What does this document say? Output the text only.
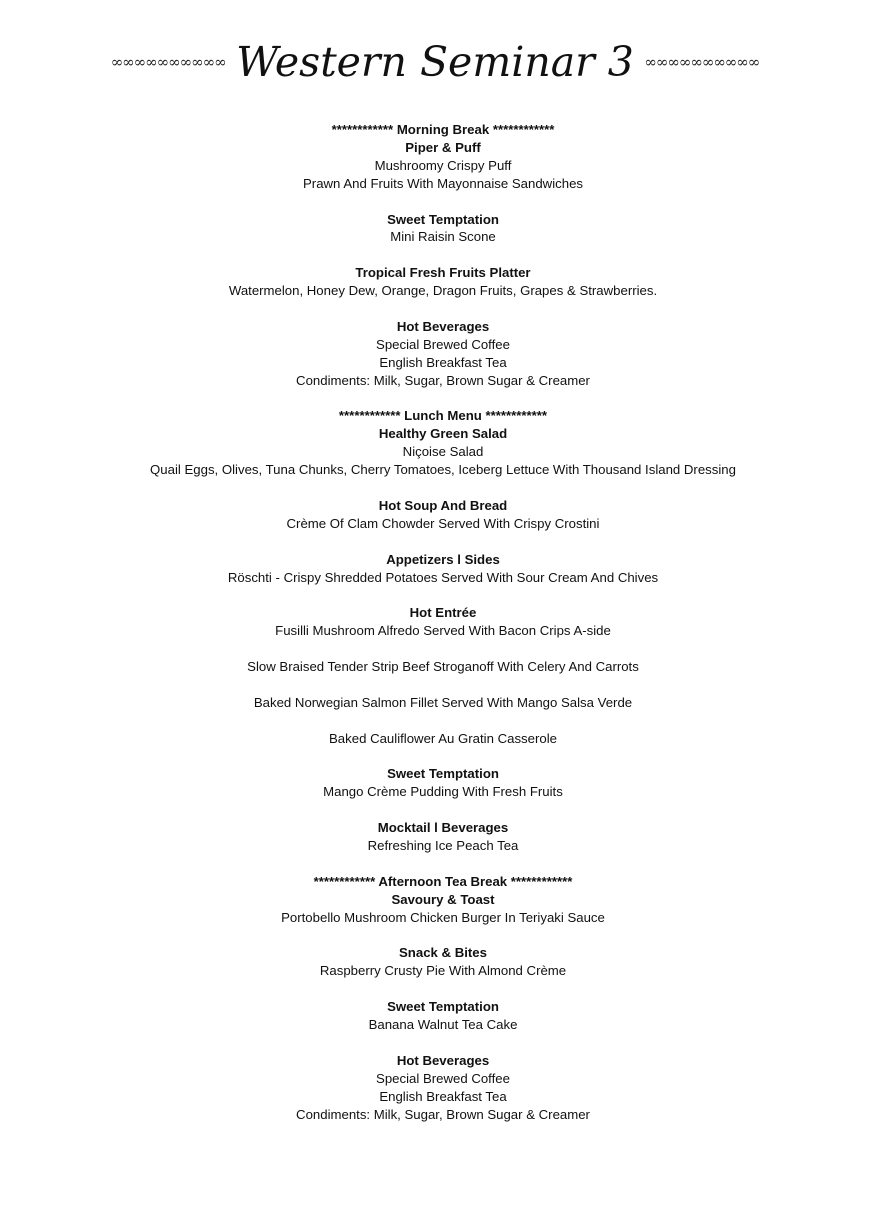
∞∞∞∞∞∞∞∞∞∞ Western Seminar 3 ∞∞∞∞∞∞∞∞∞∞
************ Morning Break ************
Piper & Puff
Mushroomy Crispy Puff
Prawn And Fruits With Mayonnaise Sandwiches
Sweet Temptation
Mini Raisin Scone
Tropical Fresh Fruits Platter
Watermelon, Honey Dew, Orange, Dragon Fruits, Grapes & Strawberries.
Hot Beverages
Special Brewed Coffee
English Breakfast Tea
Condiments: Milk, Sugar, Brown Sugar & Creamer
************ Lunch Menu ************
Healthy Green Salad
Niçoise Salad
Quail Eggs, Olives, Tuna Chunks, Cherry Tomatoes, Iceberg Lettuce With Thousand Island Dressing
Hot Soup And Bread
Crème Of Clam Chowder Served With Crispy Crostini
Appetizers l Sides
Röschti - Crispy Shredded Potatoes Served With Sour Cream And Chives
Hot Entrée
Fusilli Mushroom Alfredo Served With Bacon Crips A-side
Slow Braised Tender Strip Beef Stroganoff With Celery And Carrots
Baked Norwegian Salmon Fillet Served With Mango Salsa Verde
Baked Cauliflower Au Gratin Casserole
Sweet Temptation
Mango Crème Pudding With Fresh Fruits
Mocktail l Beverages
Refreshing Ice Peach Tea
************ Afternoon Tea Break ************
Savoury & Toast
Portobello Mushroom Chicken Burger In Teriyaki Sauce
Snack & Bites
Raspberry Crusty Pie With Almond Crème
Sweet Temptation
Banana Walnut Tea Cake
Hot Beverages
Special Brewed Coffee
English Breakfast Tea
Condiments: Milk, Sugar, Brown Sugar & Creamer
